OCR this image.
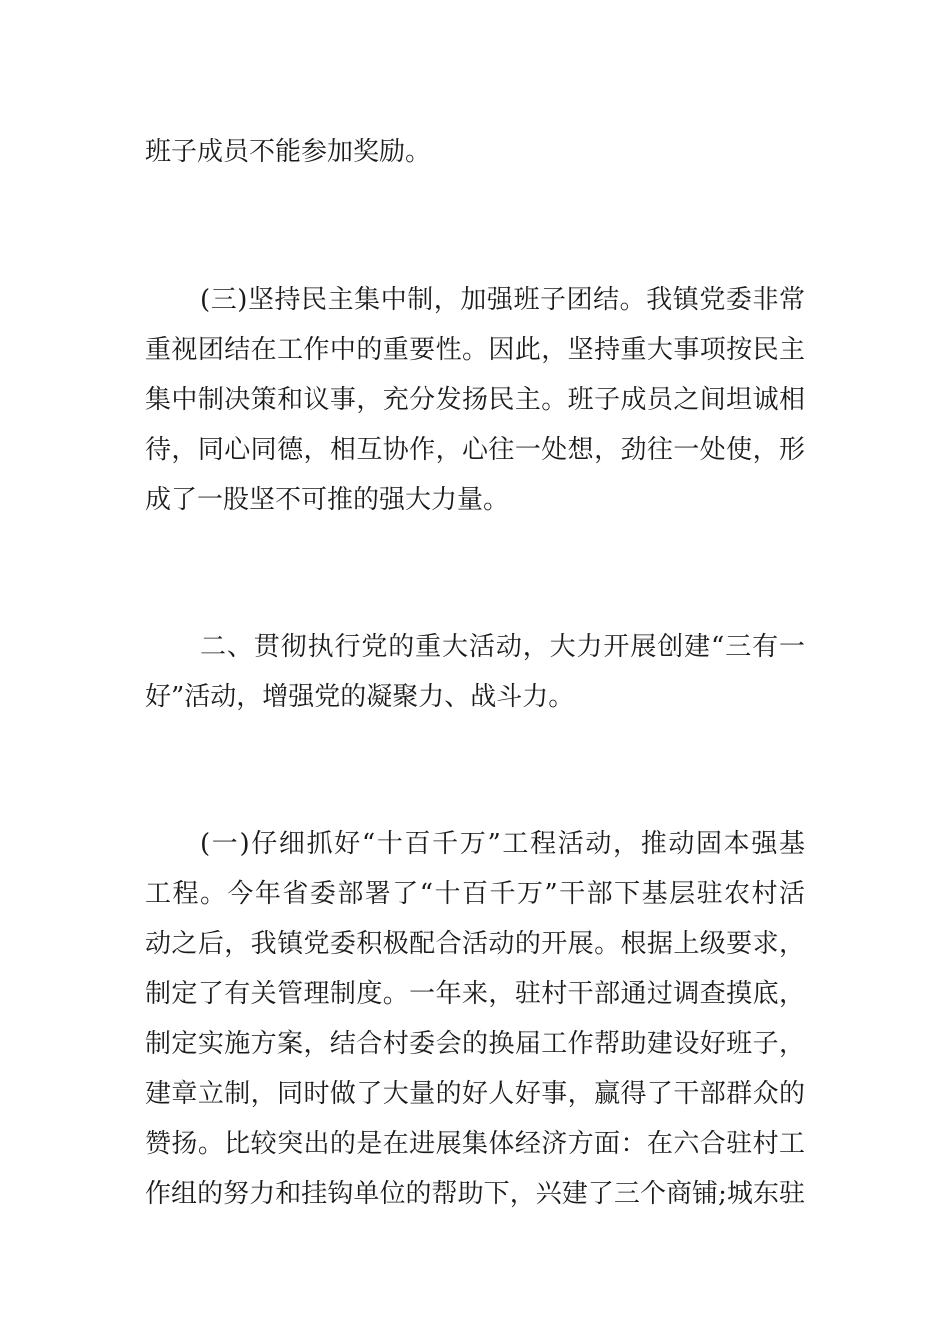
班子成员不能参加奖励。
(三)坚持民主集中制，加强班子团结。我镇党委非常
重视团结在工作中的重要性。因此，坚持重大事项按民主
集中制决策和议事，充分发扬民主。班子成员之间坦诚相
待，同心同德，相互协作，心往一处想，劲往一处使，形
成了一股坚不可推的强大力量。
二、贯彻执行党的重大活动，大力开展创建“三有一
好”活动，增强党的凝聚力、战斗力。
(一)仔细抓好“十百千万”工程活动，推动固本强基
工程。今年省委部署了“十百千万”干部下基层驻农村活
动之后，我镇党委积极配合活动的开展。根据上级要求，
制定了有关管理制度。一年来，驻村干部通过调查摸底，
制定实施方案，结合村委会的换届工作帮助建设好班子，
建章立制，同时做了大量的好人好事，赢得了干部群众的
赞扬。比较突出的是在进展集体经济方面：在六合驻村工
作组的努力和挂钩单位的帮助下，兴建了三个商铺;城东驻
